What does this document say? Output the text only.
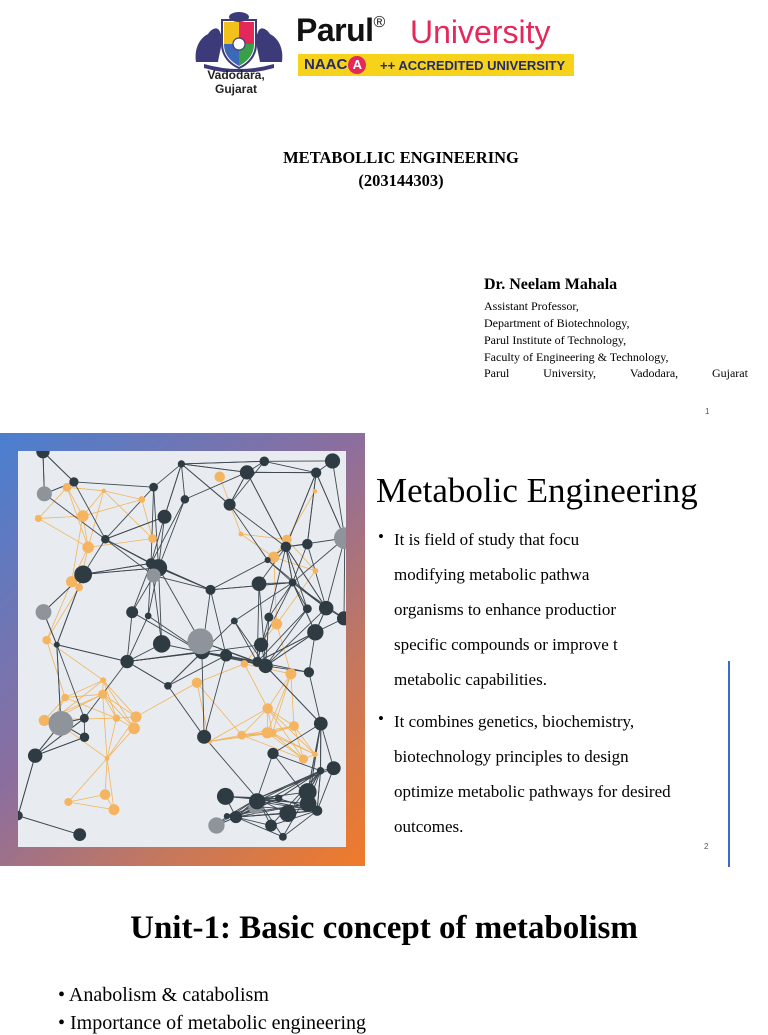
Vadodara, Gujarat
Parul® University
NAAC A	++ ACCREDITED UNIVERSITY
METABOLLIC ENGINEERING
(203144303)
Dr. Neelam Mahala
Assistant Professor,
Department of Biotechnology,
Parul Institute of Technology,
Faculty of Engineering & Technology,
Parul	University,	Vadodara,	Gujarat
1
Metabolic Engineering
• It is field of study that focu
modifying metabolic pathwa
organisms to enhance productior
specific compounds or improve t
metabolic capabilities.
• It combines genetics, biochemistry,
biotechnology principles to design
optimize metabolic pathways for desired
outcomes.
2
Unit-1: Basic concept of metabolism
• Anabolism & catabolism
• Importance of metabolic engineering
